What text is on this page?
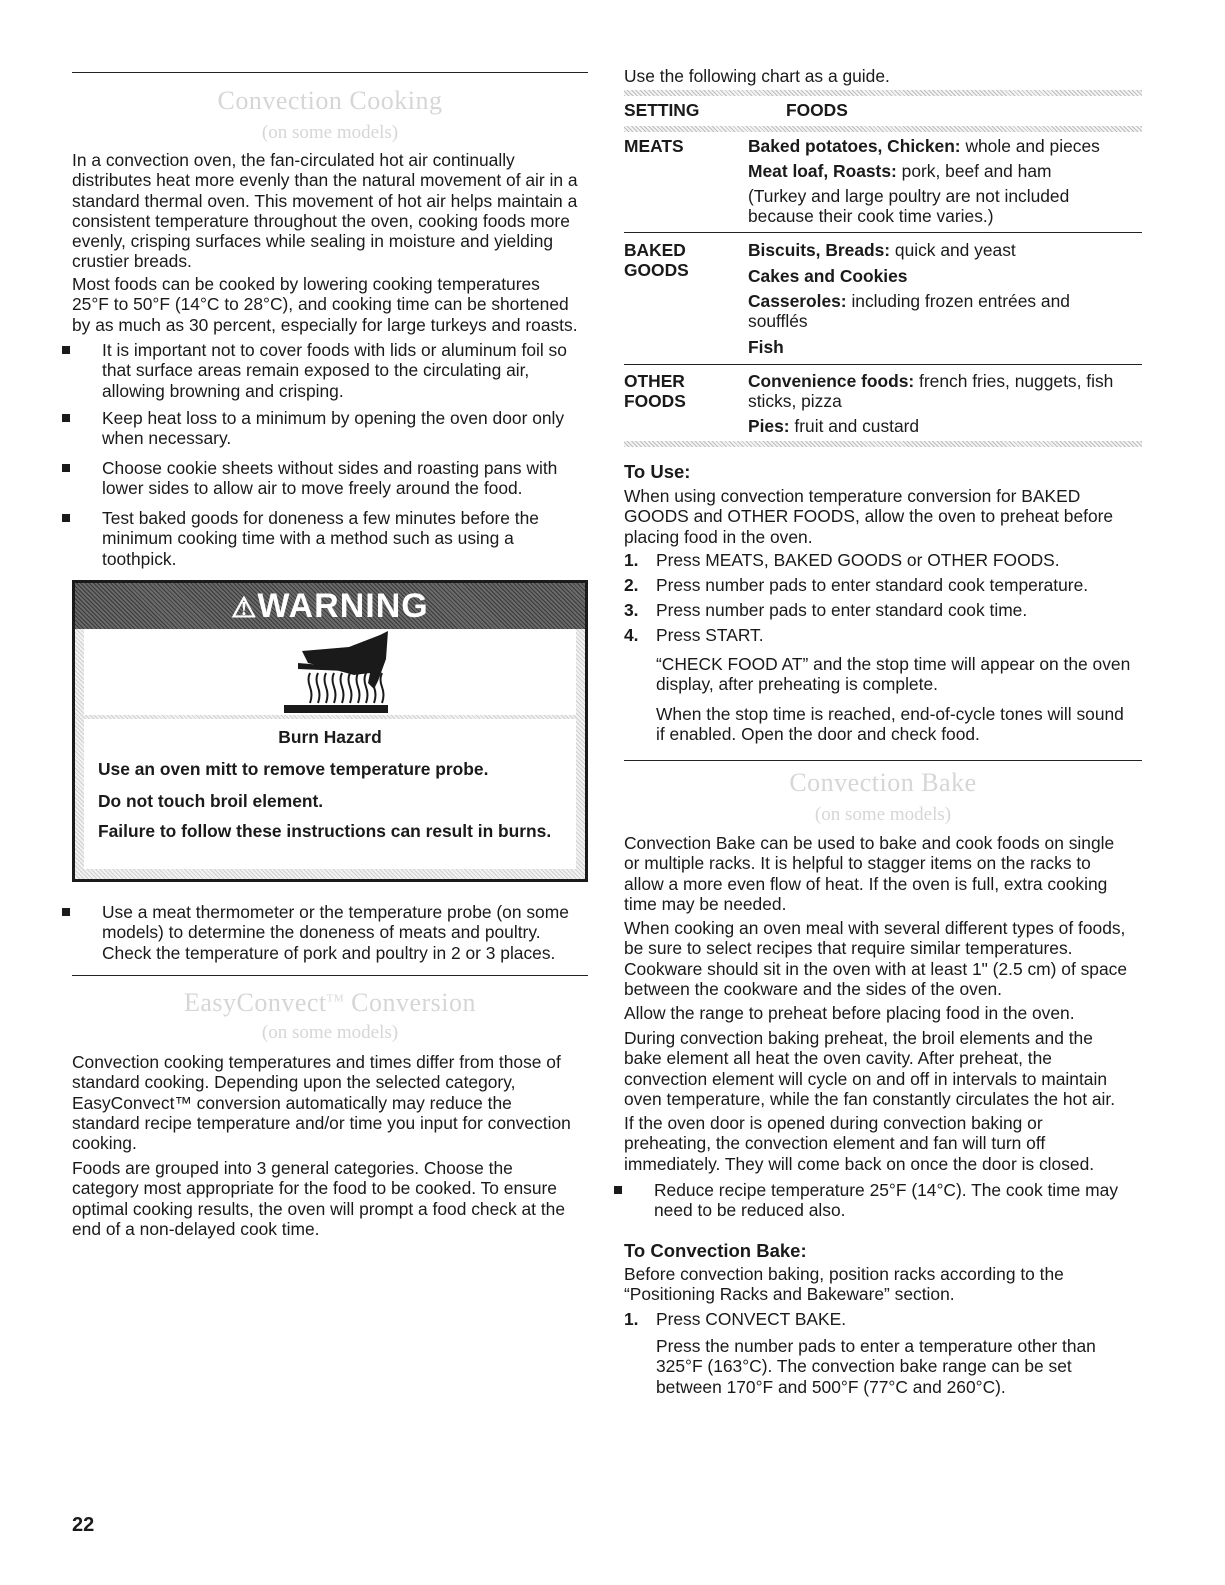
Convection Cooking
(on some models)

In a convection oven, the fan-circulated hot air continually

distributes heat more evenly than the natural movement of air in a

standard thermal oven. This movement of hot air helps maintain a

consistent temperature throughout the oven, cooking foods more

evenly, crisping surfaces while sealing in moisture and yielding

crustier breads.

Most foods can be cooked by lowering cooking temperatures

25°F to 50°F (14°C to 28°C), and cooking time can be shortened

by as much as 30 percent, especially for large turkeys and roasts.

It is important not to cover foods with lids or aluminum foil so

that surface areas remain exposed to the circulating air,

allowing browning and crisping.

Keep heat loss to a minimum by opening the oven door only

when necessary.

Choose cookie sheets without sides and roasting pans with

lower sides to allow air to move freely around the food.

Test baked goods for doneness a few minutes before the

minimum cooking time with a method such as using a

toothpick.

⚠WARNING
Burn Hazard
Use an oven mitt to remove temperature probe.
Do not touch broil element.
Failure to follow these instructions can result in burns.

Use a meat thermometer or the temperature probe (on some

models) to determine the doneness of meats and poultry.

Check the temperature of pork and poultry in 2 or 3 places.

EasyConvect™ Conversion
(on some models)

Convection cooking temperatures and times differ from those of

standard cooking. Depending upon the selected category,

EasyConvect™ conversion automatically may reduce the

standard recipe temperature and/or time you input for convection

cooking.

Foods are grouped into 3 general categories. Choose the

category most appropriate for the food to be cooked. To ensure

optimal cooking results, the oven will prompt a food check at the

end of a non-delayed cook time.

22

Use the following chart as a guide.

SETTING	FOODS
MEATS	Baked potatoes, Chicken: whole and pieces
Meat loaf, Roasts: pork, beef and ham

(Turkey and large poultry are not included

because their cook time varies.)

BAKED

GOODS

Biscuits, Breads: quick and yeast
Cakes and Cookies

Casseroles: including frozen entrées and

soufflés

Fish

OTHER

FOODS

Convenience foods: french fries, nuggets, fish

sticks, pizza

Pies: fruit and custard
To Use:

When using convection temperature conversion for BAKED

GOODS and OTHER FOODS, allow the oven to preheat before

placing food in the oven.

1. Press MEATS, BAKED GOODS or OTHER FOODS.
2. Press number pads to enter standard cook temperature.
3. Press number pads to enter standard cook time.
4. Press START.

“CHECK FOOD AT” and the stop time will appear on the oven

display, after preheating is complete.

When the stop time is reached, end-of-cycle tones will sound

if enabled. Open the door and check food.

Convection Bake
(on some models)

Convection Bake can be used to bake and cook foods on single

or multiple racks. It is helpful to stagger items on the racks to

allow a more even flow of heat. If the oven is full, extra cooking

time may be needed.

When cooking an oven meal with several different types of foods,

be sure to select recipes that require similar temperatures.

Cookware should sit in the oven with at least 1" (2.5 cm) of space

between the cookware and the sides of the oven.

Allow the range to preheat before placing food in the oven.

During convection baking preheat, the broil elements and the

bake element all heat the oven cavity. After preheat, the

convection element will cycle on and off in intervals to maintain

oven temperature, while the fan constantly circulates the hot air.

If the oven door is opened during convection baking or

preheating, the convection element and fan will turn off

immediately. They will come back on once the door is closed.

Reduce recipe temperature 25°F (14°C). The cook time may

need to be reduced also.

To Convection Bake:

Before convection baking, position racks according to the

“Positioning Racks and Bakeware” section.

1. Press CONVECT BAKE.

Press the number pads to enter a temperature other than

325°F (163°C). The convection bake range can be set

between 170°F and 500°F (77°C and 260°C).
